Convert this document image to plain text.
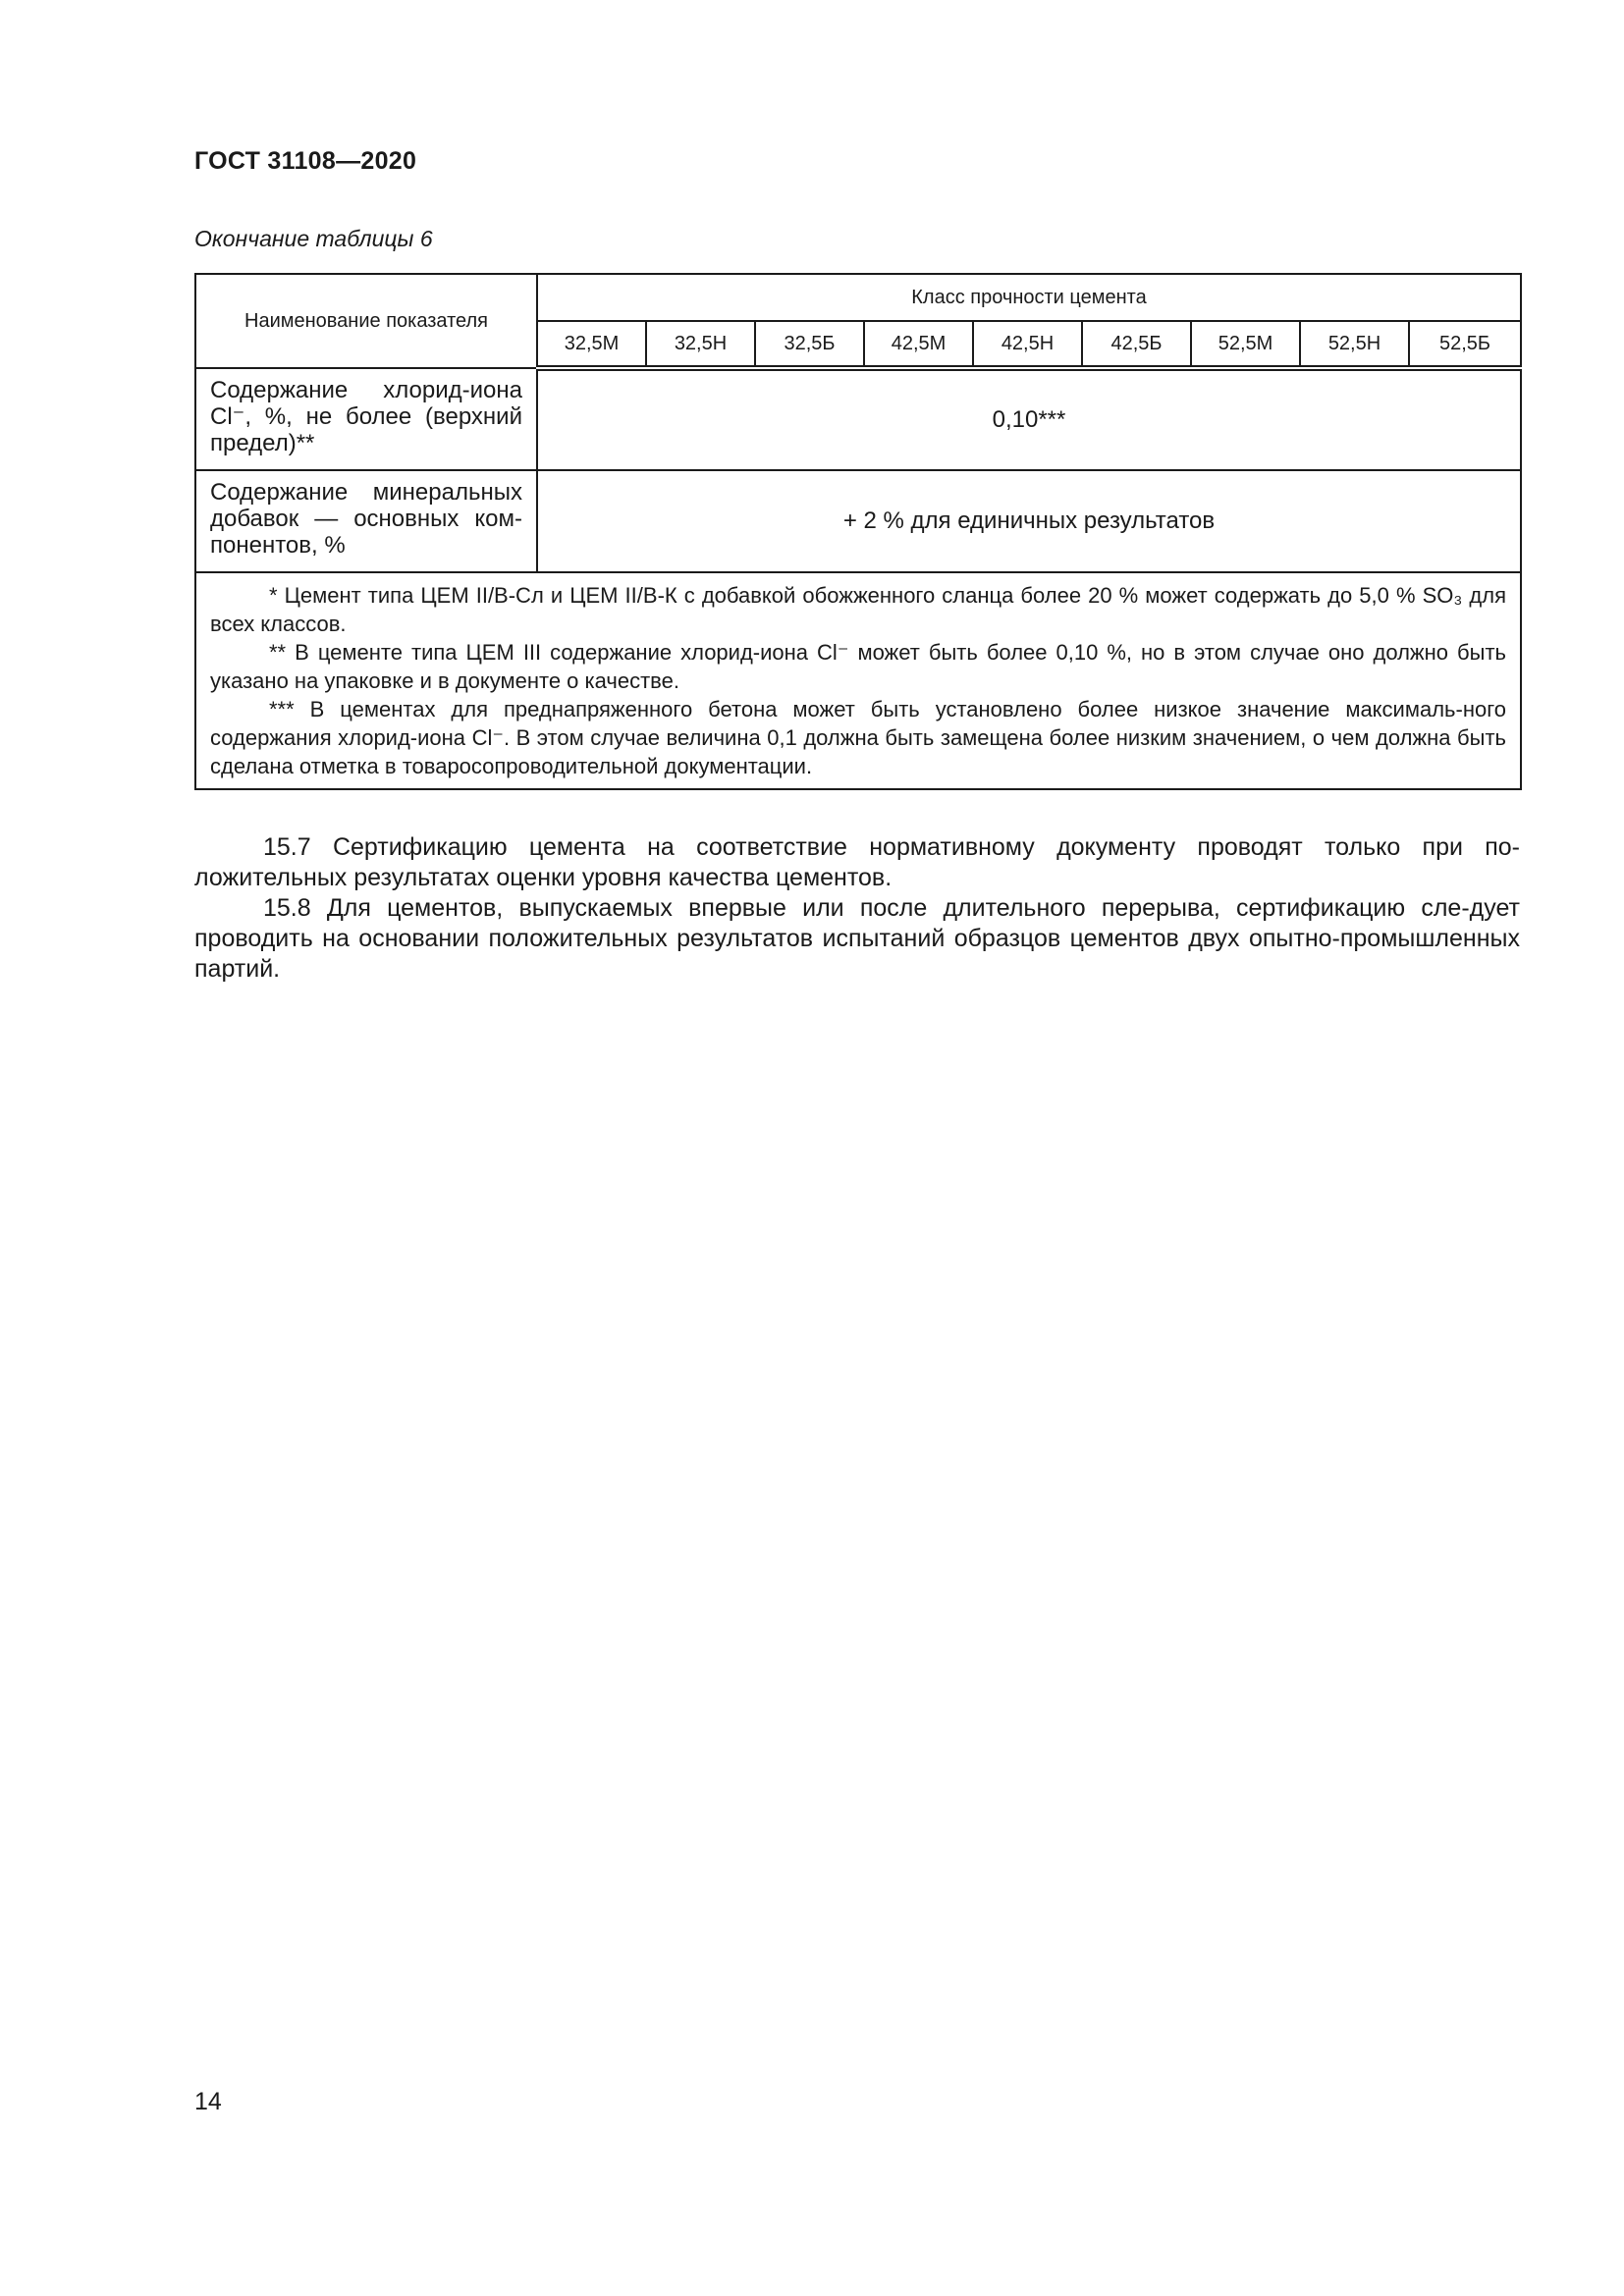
ГОСТ 31108—2020
Окончание таблицы 6
Наименование показателя	Класс прочности цемента								
	32,5М	32,5Н	32,5Б	42,5М	42,5Н	42,5Б	52,5М	52,5Н	52,5Б
Содержание хлорид-иона Cl⁻, %, не более (верхний предел)**	0,10***								
Содержание минеральных добавок — основных ком-понентов, %	+ 2 % для единичных результатов								

* Цемент типа ЦЕМ II/В-Сл и ЦЕМ II/В-К с добавкой обожженного сланца более 20 % может содержать до 5,0 % SO₃ для всех классов.

** В цементе типа ЦЕМ III содержание хлорид-иона Cl⁻ может быть более 0,10 %, но в этом случае оно должно быть указано на упаковке и в документе о качестве.

*** В цементах для преднапряженного бетона может быть установлено более низкое значение максималь-ного содержания хлорид-иона Cl⁻. В этом случае величина 0,1 должна быть замещена более низким значением, о чем должна быть сделана отметка в товаросопроводительной документации.									

15.7 Сертификацию цемента на соответствие нормативному документу проводят только при по-ложительных результатах оценки уровня качества цементов.

15.8 Для цементов, выпускаемых впервые или после длительного перерыва, сертификацию сле-дует проводить на основании положительных результатов испытаний образцов цементов двух опытно-промышленных партий.

14
